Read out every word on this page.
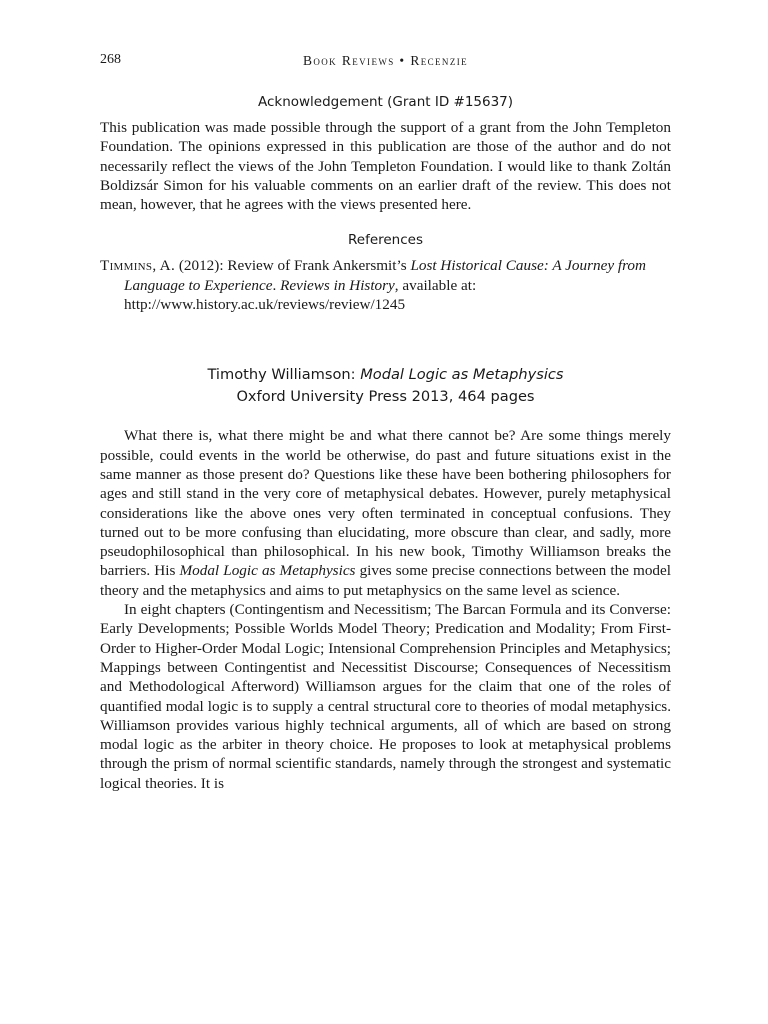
268	Book Reviews • Recenzie
Acknowledgement (Grant ID #15637)

This publication was made possible through the support of a grant from the John Templeton Foundation. The opinions expressed in this publication are those of the author and do not necessarily reflect the views of the John Templeton Foundation. I would like to thank Zoltán Boldizsár Simon for his valuable comments on an earlier draft of the review. This does not mean, however, that he agrees with the views presented here.

References

Timmins, A. (2012): Review of Frank Ankersmit’s Lost Historical Cause: A Journey from Language to Experience. Reviews in History, available at:
http://www.history.ac.uk/reviews/review/1245

Timothy Williamson: Modal Logic as Metaphysics
Oxford University Press 2013, 464 pages

What there is, what there might be and what there cannot be? Are some things merely possible, could events in the world be otherwise, do past and future situations exist in the same manner as those present do? Questions like these have been bothering philosophers for ages and still stand in the very core of metaphysical debates. However, purely metaphysical considerations like the above ones very often terminated in conceptual confusions. They turned out to be more confusing than elucidating, more obscure than clear, and sadly, more pseudophilosophical than philosophical. In his new book, Timothy Williamson breaks the barriers. His Modal Logic as Metaphysics gives some precise connections between the model theory and the metaphysics and aims to put metaphysics on the same level as science.

In eight chapters (Contingentism and Necessitism; The Barcan Formula and its Converse: Early Developments; Possible Worlds Model Theory; Predication and Modality; From First-Order to Higher-Order Modal Logic; Intensional Comprehension Principles and Metaphysics; Mappings between Contingentist and Necessitist Discourse; Consequences of Necessitism and Methodological Afterword) Williamson argues for the claim that one of the roles of quantified modal logic is to supply a central structural core to theories of modal metaphysics. Williamson provides various highly technical arguments, all of which are based on strong modal logic as the arbiter in theory choice. He proposes to look at metaphysical problems through the prism of normal scientific standards, namely through the strongest and systematic logical theories. It is
